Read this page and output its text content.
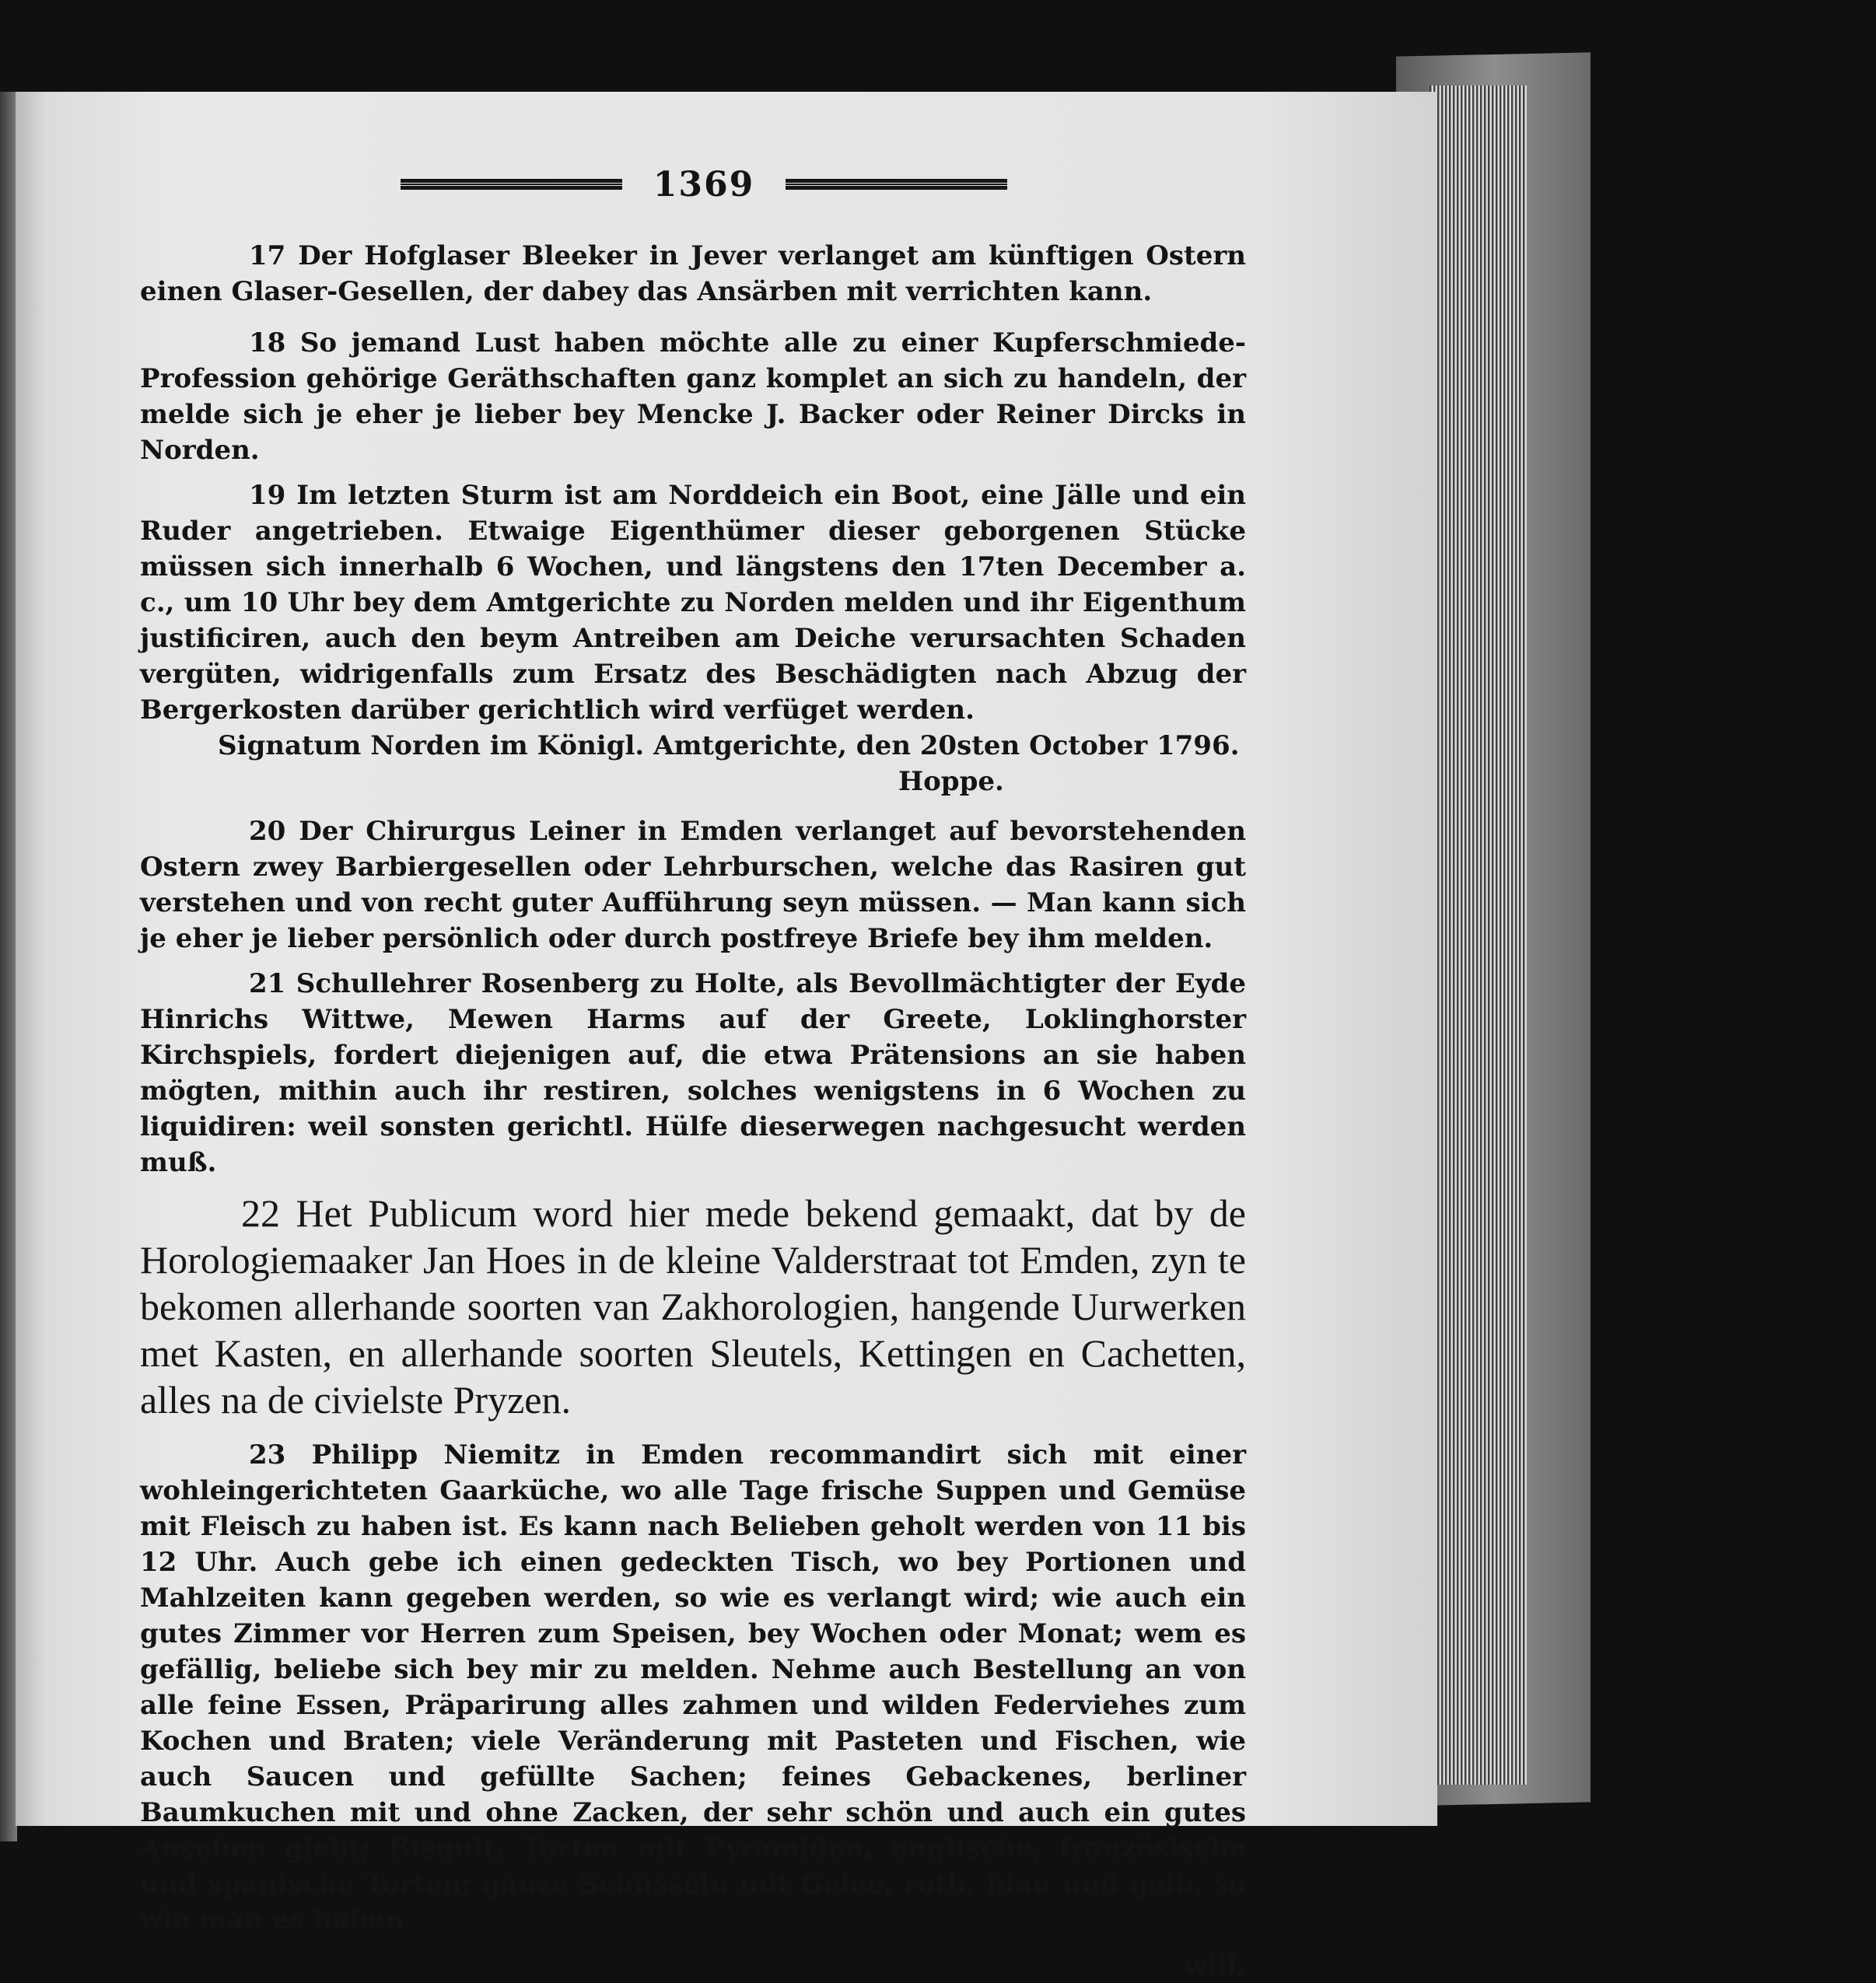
1369

17 Der Hofglaser Bleeker in Jever verlanget am künftigen Ostern einen Glaser-Gesellen, der dabey das Ansärben mit verrichten kann.

18 So jemand Lust haben möchte alle zu einer Kupferschmiede-Profession gehörige Geräthschaften ganz komplet an sich zu handeln, der melde sich je eher je lieber bey Mencke J. Backer oder Reiner Dircks in Norden.

19 Im letzten Sturm ist am Norddeich ein Boot, eine Jälle und ein Ruder angetrieben. Etwaige Eigenthümer dieser geborgenen Stücke müssen sich innerhalb 6 Wochen, und längstens den 17ten December a. c., um 10 Uhr bey dem Amtgerichte zu Norden melden und ihr Eigenthum justificiren, auch den beym Antreiben am Deiche verursachten Schaden vergüten, widrigenfalls zum Ersatz des Beschädigten nach Abzug der Bergerkosten darüber gerichtlich wird verfüget werden.

Signatum Norden im Königl. Amtgerichte, den 20sten October 1796.

Hoppe.

20 Der Chirurgus Leiner in Emden verlanget auf bevorstehenden Ostern zwey Barbiergesellen oder Lehrburschen, welche das Rasiren gut verstehen und von recht guter Aufführung seyn müssen. — Man kann sich je eher je lieber persönlich oder durch postfreye Briefe bey ihm melden.

21 Schullehrer Rosenberg zu Holte, als Bevollmächtigter der Eyde Hinrichs Wittwe, Mewen Harms auf der Greete, Loklinghorster Kirchspiels, fordert diejenigen auf, die etwa Prätensions an sie haben mögten, mithin auch ihr restiren, solches wenigstens in 6 Wochen zu liquidiren: weil sonsten gerichtl. Hülfe dieserwegen nachgesucht werden muß.

22 Het Publicum word hier mede bekend gemaakt, dat by de Horologiemaaker Jan Hoes in de kleine Valderstraat tot Emden, zyn te bekomen allerhande soorten van Zakhorologien, hangende Uurwerken met Kasten, en allerhande soorten Sleutels, Kettingen en Cachetten, alles na de civielste Pryzen.

23 Philipp Niemitz in Emden recommandirt sich mit einer wohleingerichteten Gaarküche, wo alle Tage frische Suppen und Gemüse mit Fleisch zu haben ist. Es kann nach Belieben geholt werden von 11 bis 12 Uhr. Auch gebe ich einen gedeckten Tisch, wo bey Portionen und Mahlzeiten kann gegeben werden, so wie es verlangt wird; wie auch ein gutes Zimmer vor Herren zum Speisen, bey Wochen oder Monat; wem es gefällig, beliebe sich bey mir zu melden. Nehme auch Bestellung an von alle feine Essen, Präparirung alles zahmen und wilden Federviehes zum Kochen und Braten; viele Veränderung mit Pasteten und Fischen, wie auch Saucen und gefüllte Sachen; feines Gebackenes, berliner Baumkuchen mit und ohne Zacken, der sehr schön und auch ein gutes Ansehen giebt; Bisquit, Torten mit Pyramiden, englische, französische und spanische Torten; ganze Schüsseln mit Gelee, roth, blau und gelb, so wie man es haben

will,
